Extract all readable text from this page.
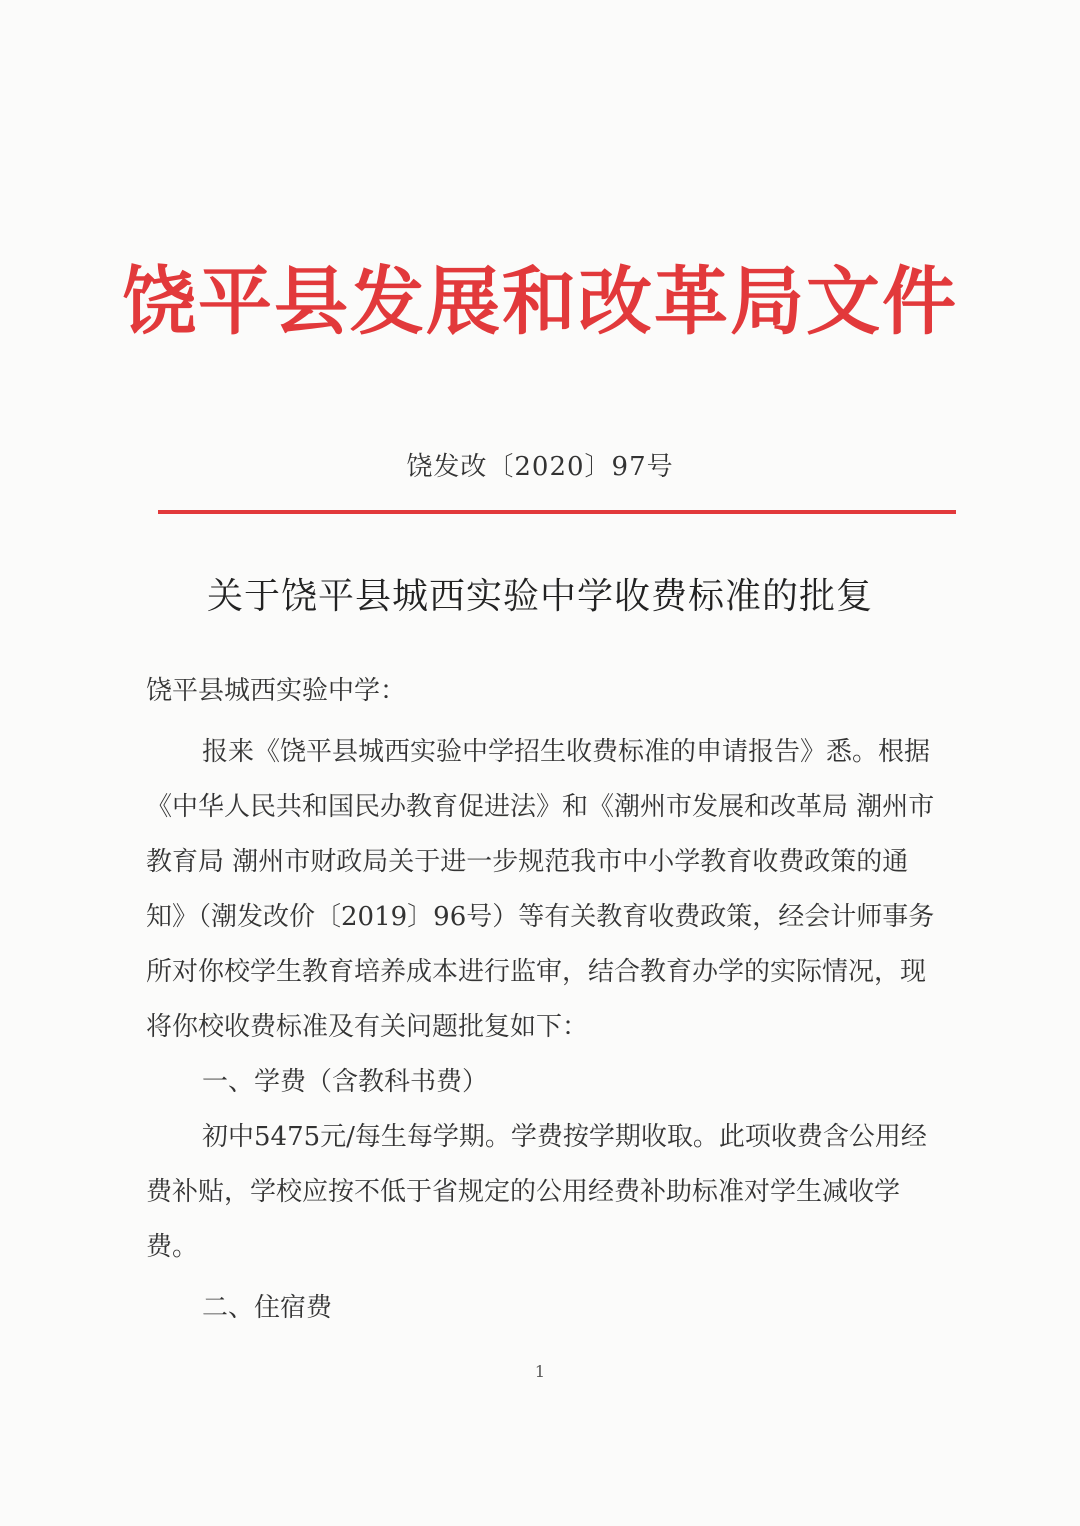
饶平县发展和改革局文件
饶发改〔2020〕97号
关于饶平县城西实验中学收费标准的批复

饶平县城西实验中学：

报来《饶平县城西实验中学招生收费标准的申请报告》悉。根据《中华人民共和国民办教育促进法》和《潮州市发展和改革局 潮州市教育局 潮州市财政局关于进一步规范我市中小学教育收费政策的通知》（潮发改价〔2019〕96号）等有关教育收费政策，经会计师事务所对你校学生教育培养成本进行监审，结合教育办学的实际情况，现将你校收费标准及有关问题批复如下：

一、学费（含教科书费）

初中5475元/每生每学期。学费按学期收取。此项收费含公用经费补贴，学校应按不低于省规定的公用经费补助标准对学生减收学费。

二、住宿费

1
